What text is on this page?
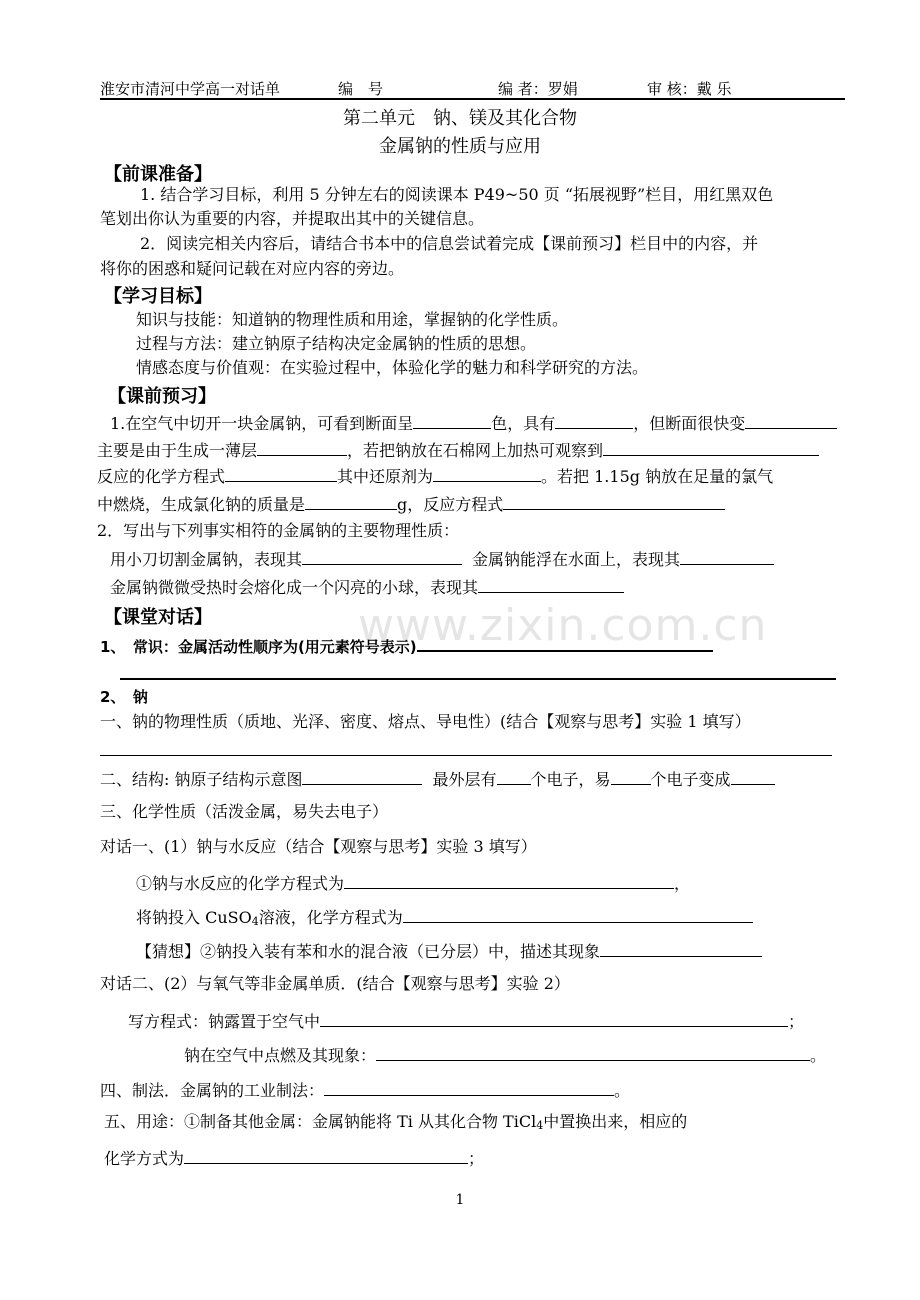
淮安市清河中学高一对话单	编　号	编 者：罗娟	审 核：戴 乐
第二单元　钠、镁及其化合物
金属钠的性质与应用
【前课准备】
1. 结合学习目标，利用 5 分钟左右的阅读课本 P49~50 页 “拓展视野”栏目，用红黑双色
笔划出你认为重要的内容，并提取出其中的关键信息。
2．阅读完相关内容后，请结合书本中的信息尝试着完成【课前预习】栏目中的内容，并
将你的困惑和疑问记载在对应内容的旁边。
【学习目标】
知识与技能：知道钠的物理性质和用途，掌握钠的化学性质。
过程与方法：建立钠原子结构决定金属钠的性质的思想。
情感态度与价值观：在实验过程中，体验化学的魅力和科学研究的方法。
【课前预习】
1.在空气中切开一块金属钠，可看到断面呈	色，具有	，但断面很快变
主要是由于生成一薄层	，若把钠放在石棉网上加热可观察到
反应的化学方程式	其中还原剂为	。若把 1.15g 钠放在足量的氯气
中燃烧，生成氯化钠的质量是	g，反应方程式
2．写出与下列事实相符的金属钠的主要物理性质：
用小刀切割金属钠，表现其	金属钠能浮在水面上，表现其
金属钠微微受热时会熔化成一个闪亮的小球，表现其
【课堂对话】
1、　常识：金属活动性顺序为(用元素符号表示)
2、　钠
一、钠的物理性质（质地、光泽、密度、熔点、导电性）(结合【观察与思考】实验 1 填写）
二、结构: 钠原子结构示意图	最外层有 个电子，易	个电子变成
三、化学性质（活泼金属，易失去电子）
对话一、(1）钠与水反应（结合【观察与思考】实验 3 填写）
①钠与水反应的化学方程式为	，
将钠投入 CuSO$_4$溶液，化学方程式为
【猜想】②钠投入装有苯和水的混合液（已分层）中，描述其现象
对话二、(2）与氧气等非金属单质．(结合【观察与思考】实验 2）
写方程式：钠露置于空气中	；
钠在空气中点燃及其现象：	。
四、制法．金属钠的工业制法：	。
五、用途：①制备其他金属：金属钠能将 Ti 从其化合物 TiCl$_4$中置换出来，相应的
化学方式为	；
www.zixin.com.cn
1
